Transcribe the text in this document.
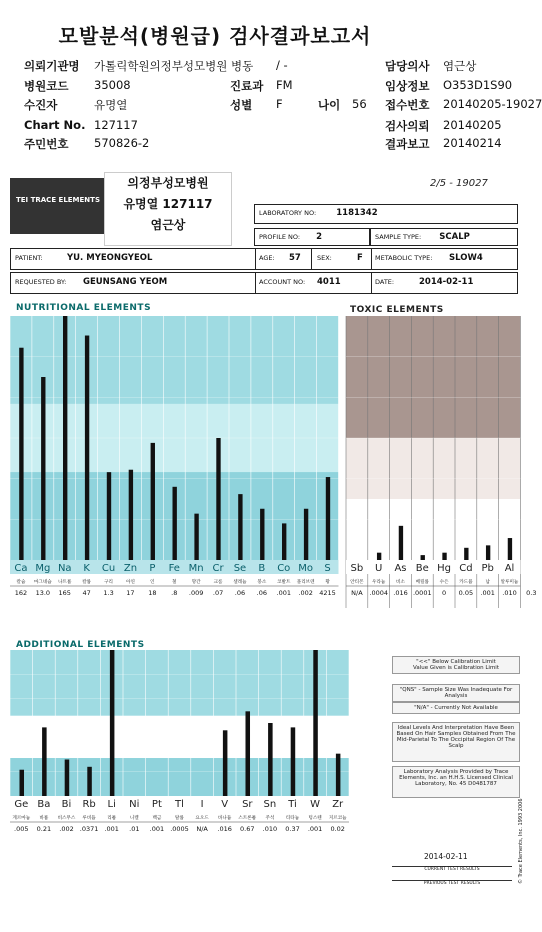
모발분석(병원급) 검사결과보고서
의뢰기관명 가톨릭학원의정부성모병원 병동 / -	담당의사 염근상
병원코드 35008	진료과 FM	임상정보 O353D1S90
수진자	유명열	성별 F	나이 56 접수번호 20140205-19027
Chart No. 127117	검사의뢰 20140205
주민번호 570826-2	결과보고 20140214
TEI TRACE ELEMENTS
의정부성모병원
유명열 127117
염근상
2/5 - 19027
LABORATORY NO: 1181342
PROFILE NO: 2	SAMPLE TYPE: SCALP
PATIENT:	YU. MYEONGYEOL	AGE: 57 SEX:	F METABOLIC TYPE: SLOW4
REQUESTED BY: GEUNSANG YEOM	ACCOUNT NO: 4011	DATE:	2014-02-11
NUTRITIONAL ELEMENTS	TOXIC ELEMENTS
ADDITIONAL ELEMENTS
Ca Mg Na K Cu Zn P Fe Mn Cr Se B Co Mo S
칼슘 마그네슘 나트륨 칼륨	구리	아연	인	철	망간	크롬 셀레늄 붕소 코발트 몰리브덴 황
162 13.0 165 47 1.3 17 18 .8 .009 .07 .06 .06 .001 .002 4215
Sb U As Be Hg Cd Pb Al
안티몬 우라늄 비소 베릴륨 수은 카드뮴	납 알루미늄
N/A .0004 .016 .0001 0 0.05 .001 .010 0.3
Ge Ba Bi Rb Li Ni Pt Tl I V Sr Sn Ti W Zr
게르마늄 바륨 비스무스 루비듐 리튬	니켈	백금	탈륨 요오드 바나듐 스트론튬 주석 티타늄 텅스텐 지르코늄
.005 0.21 .002 .0371 .001 .01 .001 .0005 N/A .016 0.67 .010 0.37 .001 0.02
"<<" Below Calibration Limit
Value Given is Calibration Limit
"QNS" - Sample Size Was Inadequate For Analysis
"N/A" - Currently Not Available
Ideal Levels And Interpretation Have Been Based On Hair Samples Obtained From The Mid-Parietal To The Occipital Region Of The Scalp
Laboratory Analysis Provided by Trace Elements, Inc. an H.H.S. Licensed Clinical Laboratory, No. 45 D0481787
2014-02-11
CURRENT TEST RESULTS
PREVIOUS TEST RESULTS	© Trace Elements, Inc. 1993 2006
